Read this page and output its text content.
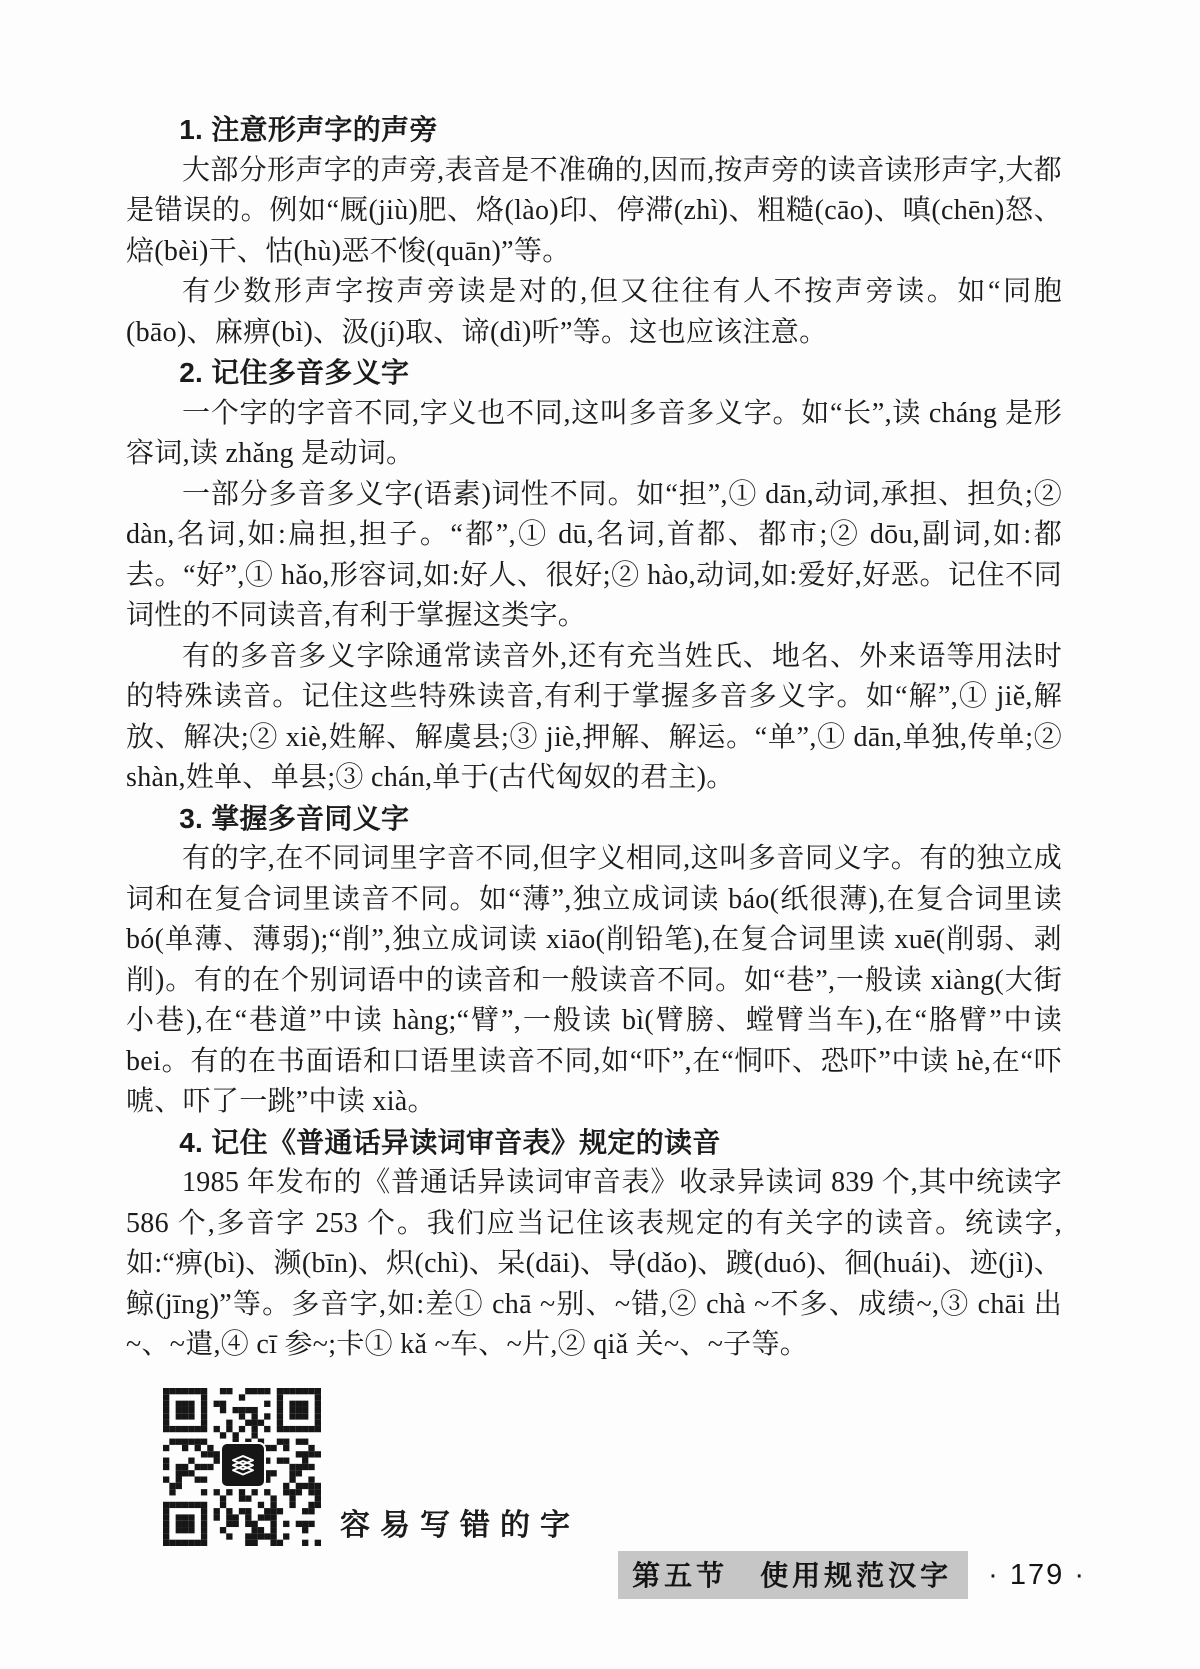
1. 注意形声字的声旁

大部分形声字的声旁,表音是不准确的,因而,按声旁的读音读形声字,大都是错误的。例如“厩(jiù)肥、烙(lào)印、停滞(zhì)、粗糙(cāo)、嗔(chēn)怒、焙(bèi)干、怙(hù)恶不悛(quān)”等。

有少数形声字按声旁读是对的,但又往往有人不按声旁读。如“同胞(bāo)、麻痹(bì)、汲(jí)取、谛(dì)听”等。这也应该注意。

2. 记住多音多义字

一个字的字音不同,字义也不同,这叫多音多义字。如“长”,读 cháng 是形容词,读 zhǎng 是动词。

一部分多音多义字(语素)词性不同。如“担”,① dān,动词,承担、担负;② dàn,名词,如:扁担,担子。“都”,① dū,名词,首都、都市;② dōu,副词,如:都去。“好”,① hǎo,形容词,如:好人、很好;② hào,动词,如:爱好,好恶。记住不同词性的不同读音,有利于掌握这类字。

有的多音多义字除通常读音外,还有充当姓氏、地名、外来语等用法时的特殊读音。记住这些特殊读音,有利于掌握多音多义字。如“解”,① jiě,解放、解决;② xiè,姓解、解虞县;③ jiè,押解、解运。“单”,① dān,单独,传单;② shàn,姓单、单县;③ chán,单于(古代匈奴的君主)。

3. 掌握多音同义字

有的字,在不同词里字音不同,但字义相同,这叫多音同义字。有的独立成词和在复合词里读音不同。如“薄”,独立成词读 báo(纸很薄),在复合词里读 bó(单薄、薄弱);“削”,独立成词读 xiāo(削铅笔),在复合词里读 xuē(削弱、剥削)。有的在个别词语中的读音和一般读音不同。如“巷”,一般读 xiàng(大街小巷),在“巷道”中读 hàng;“臂”,一般读 bì(臂膀、螳臂当车),在“胳臂”中读 bei。有的在书面语和口语里读音不同,如“吓”,在“恫吓、恐吓”中读 hè,在“吓唬、吓了一跳”中读 xià。

4. 记住《普通话异读词审音表》规定的读音

1985 年发布的《普通话异读词审音表》收录异读词 839 个,其中统读字 586 个,多音字 253 个。我们应当记住该表规定的有关字的读音。统读字,如:“痹(bì)、濒(bīn)、炽(chì)、呆(dāi)、导(dǎo)、踱(duó)、徊(huái)、迹(jì)、鲸(jīng)”等。多音字,如:差① chā ~别、~错,② chà ~不多、成绩~,③ chāi 出~、~遣,④ cī 参~;卡① kǎ ~车、~片,② qiǎ 关~、~子等。

容易写错的字
第五节　使用规范汉字	· 179 ·
